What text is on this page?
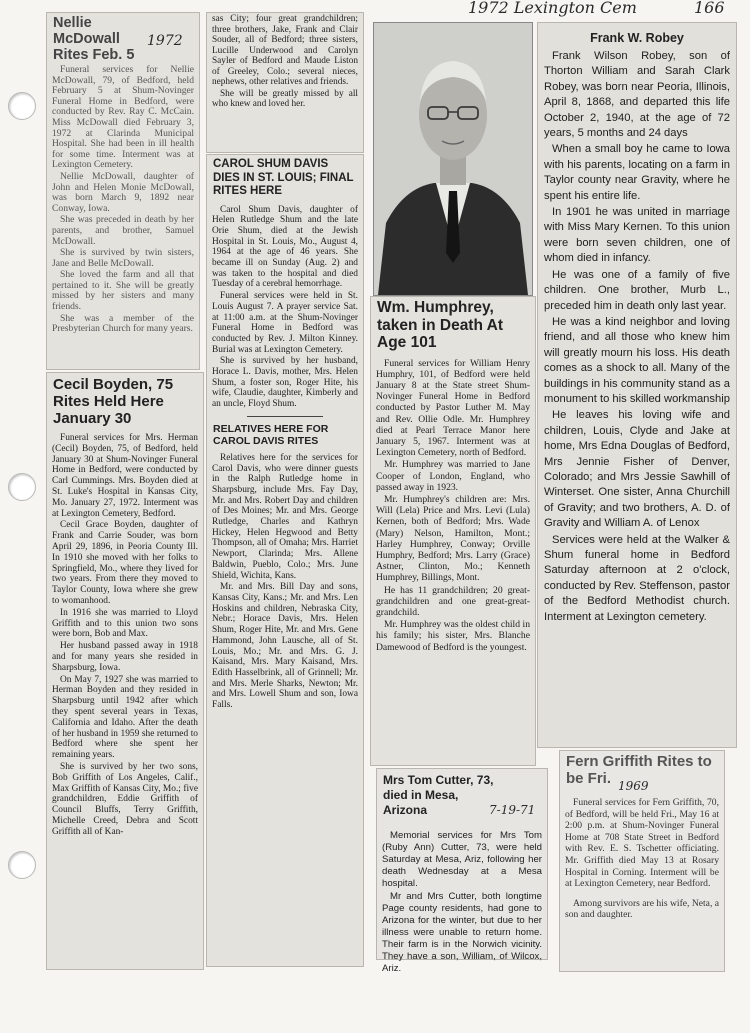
1972 Lexington Cem	166
Nellie McDowall Rites Feb. 5
1972

Funeral services for Nellie McDowall, 79, of Bedford, held February 5 at Shum-Novinger Funeral Home in Bedford, were conducted by Rev. Ray C. McCain. Miss McDowall died February 3, 1972 at Clarinda Municipal Hospital. She had been in ill health for some time. Interment was at Lexington Cemetery.

Nellie McDowall, daughter of John and Helen Monie McDowall, was born March 9, 1892 near Conway, Iowa.

She was preceded in death by her parents, and brother, Samuel McDowall.

She is survived by twin sisters, Jane and Belle McDowall.

She loved the farm and all that pertained to it. She will be greatly missed by her sisters and many friends.

She was a member of the Presbyterian Church for many years.

Cecil Boyden, 75 Rites Held Here January 30

Funeral services for Mrs. Herman (Cecil) Boyden, 75, of Bedford, held January 30 at Shum-Novinger Funeral Home in Bedford, were conducted by Carl Cummings. Mrs. Boyden died at St. Luke's Hospital in Kansas City, Mo. January 27, 1972. Interment was at Lexington Cemetery, Bedford.

Cecil Grace Boyden, daughter of Frank and Carrie Souder, was born April 29, 1896, in Peoria County Ill. In 1910 she moved with her folks to Springfield, Mo., where they lived for two years. From there they moved to Taylor County, Iowa where she grew to womanhood.

In 1916 she was married to Lloyd Griffith and to this union two sons were born, Bob and Max.

Her husband passed away in 1918 and for many years she resided in Sharpsburg, Iowa.

On May 7, 1927 she was married to Herman Boyden and they resided in Sharpsburg until 1942 after which they spent several years in Texas, California and Idaho. After the death of her husband in 1959 she returned to Bedford where she spent her remaining years.

She is survived by her two sons, Bob Griffith of Los Angeles, Calif., Max Griffith of Kansas City, Mo.; five grandchildren, Eddie Griffith of Council Bluffs, Terry Griffith, Michelle Creed, Debra and Scott Griffith all of Kan-

sas City; four great grandchildren; three brothers, Jake, Frank and Clair Souder, all of Bedford; three sisters, Lucille Underwood and Carolyn Sayler of Bedford and Maude Liston of Greeley, Colo.; several nieces, nephews, other relatives and friends.

She will be greatly missed by all who knew and loved her.

CAROL SHUM DAVIS DIES IN ST. LOUIS; FINAL RITES HERE

Carol Shum Davis, daughter of Helen Rutledge Shum and the late Orie Shum, died at the Jewish Hospital in St. Louis, Mo., August 4, 1964 at the age of 46 years. She became ill on Sunday (Aug. 2) and was taken to the hospital and died Tuesday of a cerebral hemorrhage.

Funeral services were held in St. Louis August 7. A prayer service Sat. at 11:00 a.m. at the Shum-Novinger Funeral Home in Bedford was conducted by Rev. J. Milton Kinney. Burial was at Lexington Cemetery.

She is survived by her husband, Horace L. Davis, mother, Mrs. Helen Shum, a foster son, Roger Hite, his wife, Claudie, daughter, Kimberly and an uncle, Floyd Shum.

RELATIVES HERE FOR CAROL DAVIS RITES

Relatives here for the services for Carol Davis, who were dinner guests in the Ralph Rutledge home in Sharpsburg, include Mrs. Fay Day, Mr. and Mrs. Robert Day and children of Des Moines; Mr. and Mrs. George Rutledge, Charles and Kathryn Hickey, Helen Hegwood and Betty Thompson, all of Omaha; Mrs. Harriet Newport, Clarinda; Mrs. Allene Baldwin, Pueblo, Colo.; Mrs. June Shield, Wichita, Kans.

Mr. and Mrs. Bill Day and sons, Kansas City, Kans.; Mr. and Mrs. Len Hoskins and children, Nebraska City, Nebr.; Horace Davis, Mrs. Helen Shum, Roger Hite, Mr. and Mrs. Gene Hammond, John Lausche, all of St. Louis, Mo.; Mr. and Mrs. G. J. Kaisand, Mrs. Mary Kaisand, Mrs. Edith Hasselbrink, all of Grinnell; Mr. and Mrs. Merle Sharks, Newton; Mr. and Mrs. Lowell Shum and son, Iowa Falls.

Wm. Humphrey, taken in Death At Age 101

Funeral services for William Henry Humphry, 101, of Bedford were held January 8 at the State street Shum-Novinger Funeral Home in Bedford conducted by Pastor Luther M. May and Rev. Ollie Odle. Mr. Humphrey died at Pearl Terrace Manor here January 5, 1967. Interment was at Lexington Cemetery, north of Bedford.

Mr. Humphrey was married to Jane Cooper of London, England, who passed away in 1923.

Mr. Humphrey's children are: Mrs. Will (Lela) Price and Mrs. Levi (Lula) Kernen, both of Bedford; Mrs. Wade (Mary) Nelson, Hamilton, Mont.; Harley Humphrey, Conway; Orville Humphry, Bedford; Mrs. Larry (Grace) Astner, Clinton, Mo.; Kenneth Humphrey, Billings, Mont.

He has 11 grandchildren; 20 great-grandchildren and one great-great-grandchild.

Mr. Humphrey was the oldest child in his family; his sister, Mrs. Blanche Damewood of Bedford is the youngest.

Mrs Tom Cutter, 73, died in Mesa, Arizona	7-19-71

Memorial services for Mrs Tom (Ruby Ann) Cutter, 73, were held Saturday at Mesa, Ariz, following her death Wednesday at a Mesa hospital.

Mr and Mrs Cutter, both longtime Page county residents, had gone to Arizona for the winter, but due to her illness were unable to return home. Their farm is in the Norwich vicinity. They have a son, William, of Wilcox, Ariz.

Frank W. Robey

Frank Wilson Robey, son of Thorton William and Sarah Clark Robey, was born near Peoria, Illinois, April 8, 1868, and departed this life October 2, 1940, at the age of 72 years, 5 months and 24 days

When a small boy he came to Iowa with his parents, locating on a farm in Taylor county near Gravity, where he spent his entire life.

In 1901 he was united in marriage with Miss Mary Kernen. To this union were born seven children, one of whom died in infancy.

He was one of a family of five children. One brother, Murb L., preceded him in death only last year.

He was a kind neighbor and loving friend, and all those who knew him will greatly mourn his loss. His death comes as a shock to all. Many of the buildings in his community stand as a monument to his skilled workmanship

He leaves his loving wife and children, Louis, Clyde and Jake at home, Mrs Edna Douglas of Bedford, Mrs Jennie Fisher of Denver, Colorado; and Mrs Jessie Sawhill of Winterset. One sister, Anna Churchill of Gravity; and two brothers, A. D. of Gravity and William A. of Lenox

Services were held at the Walker & Shum funeral home in Bedford Saturday afternoon at 2 o'clock, conducted by Rev. Steffenson, pastor of the Bedford Methodist church. Interment at Lexington cemetery.

Fern Griffith Rites to be Fri. 1969

Funeral services for Fern Griffith, 70, of Bedford, will be held Fri., May 16 at 2:00 p.m. at Shum-Novinger Funeral Home at 708 State Street in Bedford with Rev. E. S. Tschetter officiating. Mr. Griffith died May 13 at Rosary Hospital in Corning. Interment will be at Lexington Cemetery, near Bedford.

Among survivors are his wife, Neta, a son and daughter.
